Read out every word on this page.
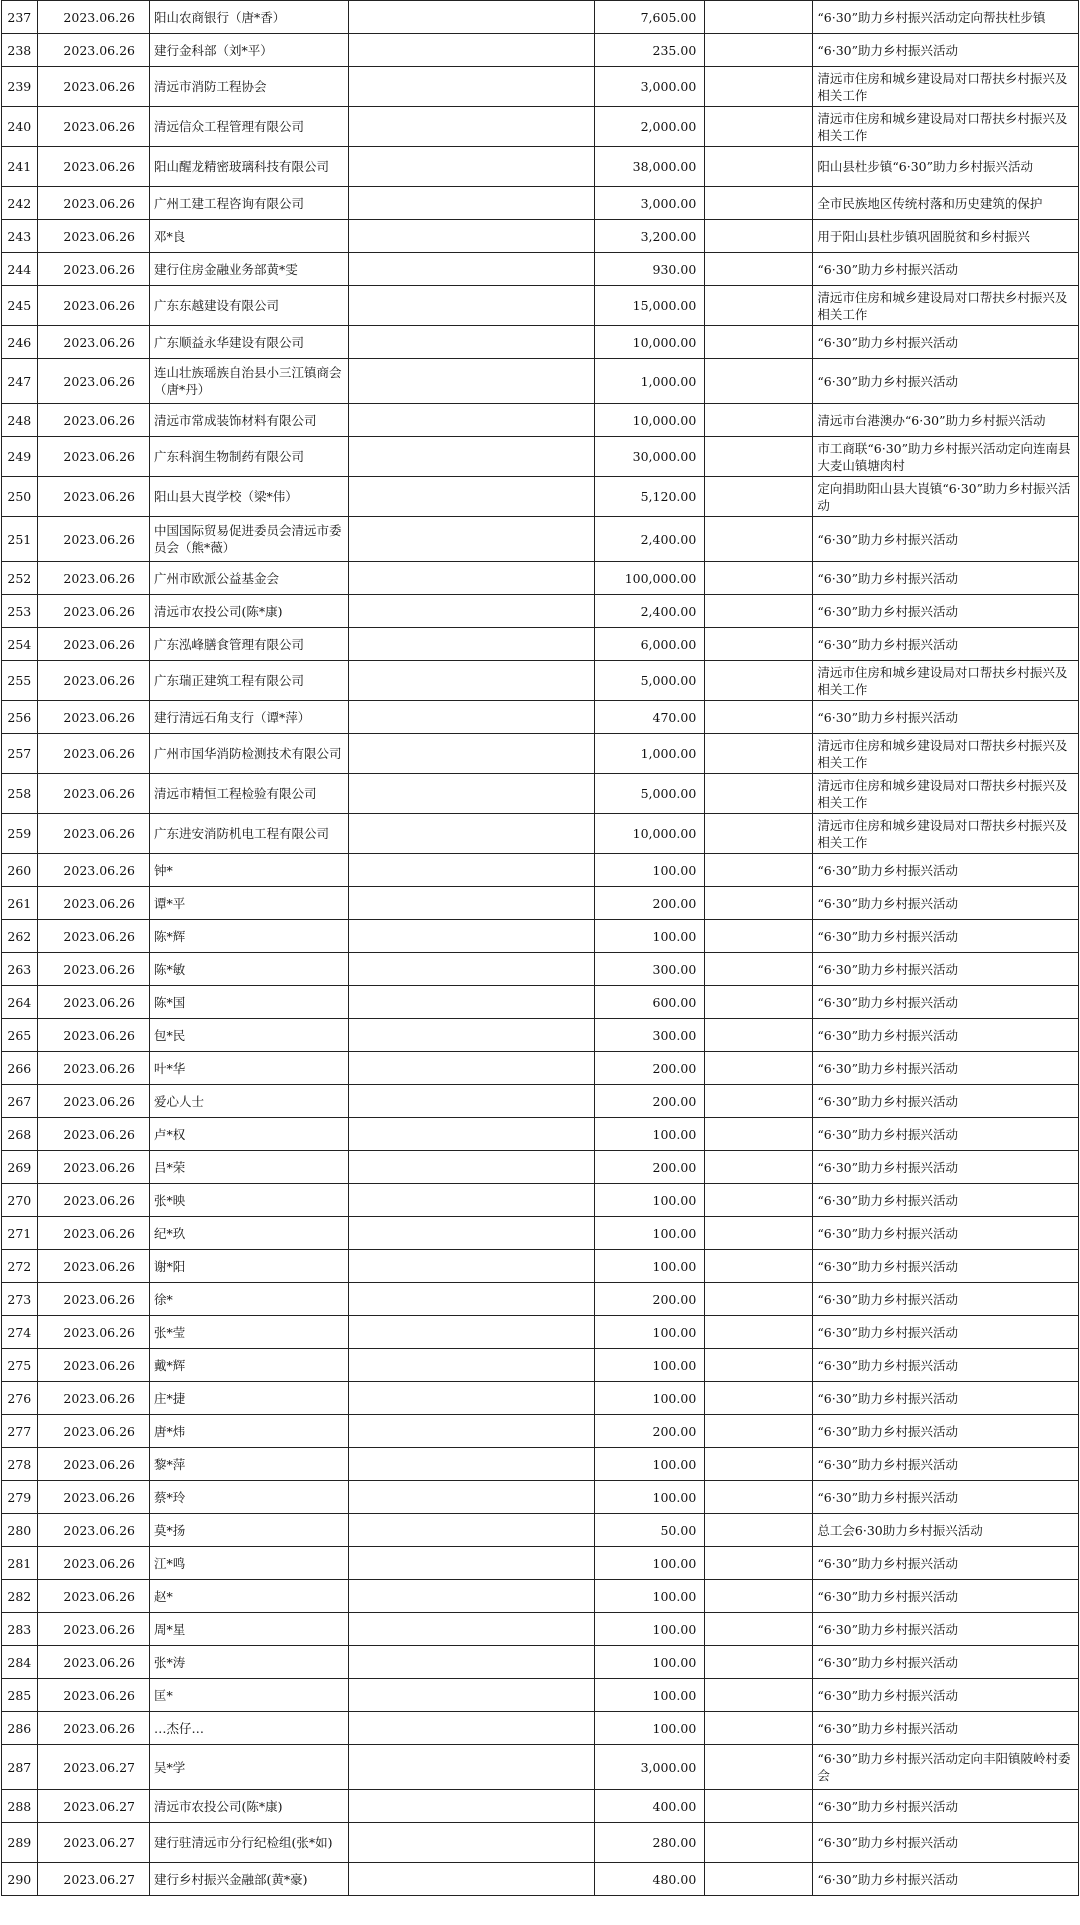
237	2023.06.26	阳山农商银行（唐*香）		7,605.00		“6·30”助力乡村振兴活动定向帮扶杜步镇
238	2023.06.26	建行金科部（刘*平）		235.00		“6·30”助力乡村振兴活动
239	2023.06.26	清远市消防工程协会		3,000.00		清远市住房和城乡建设局对口帮扶乡村振兴及相关工作
240	2023.06.26	清远信众工程管理有限公司		2,000.00		清远市住房和城乡建设局对口帮扶乡村振兴及相关工作
241	2023.06.26	阳山醒龙精密玻璃科技有限公司		38,000.00		阳山县杜步镇“6·30”助力乡村振兴活动
242	2023.06.26	广州工建工程咨询有限公司		3,000.00		全市民族地区传统村落和历史建筑的保护
243	2023.06.26	邓*良		3,200.00		用于阳山县杜步镇巩固脱贫和乡村振兴
244	2023.06.26	建行住房金融业务部黄*雯		930.00		“6·30”助力乡村振兴活动
245	2023.06.26	广东东越建设有限公司		15,000.00		清远市住房和城乡建设局对口帮扶乡村振兴及相关工作
246	2023.06.26	广东顺益永华建设有限公司		10,000.00		“6·30”助力乡村振兴活动
247	2023.06.26	连山壮族瑶族自治县小三江镇商会（唐*丹）		1,000.00		“6·30”助力乡村振兴活动
248	2023.06.26	清远市常成装饰材料有限公司		10,000.00		清远市台港澳办“6·30”助力乡村振兴活动
249	2023.06.26	广东科润生物制药有限公司		30,000.00		市工商联“6·30”助力乡村振兴活动定向连南县大麦山镇塘肉村
250	2023.06.26	阳山县大崀学校（梁*伟）		5,120.00		定向捐助阳山县大崀镇“6·30”助力乡村振兴活动
251	2023.06.26	中国国际贸易促进委员会清远市委员会（熊*薇）		2,400.00		“6·30”助力乡村振兴活动
252	2023.06.26	广州市欧派公益基金会		100,000.00		“6·30”助力乡村振兴活动
253	2023.06.26	清远市农投公司(陈*康)		2,400.00		“6·30”助力乡村振兴活动
254	2023.06.26	广东泓峰膳食管理有限公司		6,000.00		“6·30”助力乡村振兴活动
255	2023.06.26	广东瑞正建筑工程有限公司		5,000.00		清远市住房和城乡建设局对口帮扶乡村振兴及相关工作
256	2023.06.26	建行清远石角支行（谭*萍）		470.00		“6·30”助力乡村振兴活动
257	2023.06.26	广州市国华消防检测技术有限公司		1,000.00		清远市住房和城乡建设局对口帮扶乡村振兴及相关工作
258	2023.06.26	清远市精恒工程检验有限公司		5,000.00		清远市住房和城乡建设局对口帮扶乡村振兴及相关工作
259	2023.06.26	广东进安消防机电工程有限公司		10,000.00		清远市住房和城乡建设局对口帮扶乡村振兴及相关工作
260	2023.06.26	钟*		100.00		“6·30”助力乡村振兴活动
261	2023.06.26	谭*平		200.00		“6·30”助力乡村振兴活动
262	2023.06.26	陈*辉		100.00		“6·30”助力乡村振兴活动
263	2023.06.26	陈*敏		300.00		“6·30”助力乡村振兴活动
264	2023.06.26	陈*国		600.00		“6·30”助力乡村振兴活动
265	2023.06.26	包*民		300.00		“6·30”助力乡村振兴活动
266	2023.06.26	叶*华		200.00		“6·30”助力乡村振兴活动
267	2023.06.26	爱心人士		200.00		“6·30”助力乡村振兴活动
268	2023.06.26	卢*权		100.00		“6·30”助力乡村振兴活动
269	2023.06.26	吕*荣		200.00		“6·30”助力乡村振兴活动
270	2023.06.26	张*映		100.00		“6·30”助力乡村振兴活动
271	2023.06.26	纪*玖		100.00		“6·30”助力乡村振兴活动
272	2023.06.26	谢*阳		100.00		“6·30”助力乡村振兴活动
273	2023.06.26	徐*		200.00		“6·30”助力乡村振兴活动
274	2023.06.26	张*莹		100.00		“6·30”助力乡村振兴活动
275	2023.06.26	戴*辉		100.00		“6·30”助力乡村振兴活动
276	2023.06.26	庄*捷		100.00		“6·30”助力乡村振兴活动
277	2023.06.26	唐*炜		200.00		“6·30”助力乡村振兴活动
278	2023.06.26	黎*萍		100.00		“6·30”助力乡村振兴活动
279	2023.06.26	蔡*玲		100.00		“6·30”助力乡村振兴活动
280	2023.06.26	莫*扬		50.00		总工会6·30助力乡村振兴活动
281	2023.06.26	江*鸣		100.00		“6·30”助力乡村振兴活动
282	2023.06.26	赵*		100.00		“6·30”助力乡村振兴活动
283	2023.06.26	周*星		100.00		“6·30”助力乡村振兴活动
284	2023.06.26	张*涛		100.00		“6·30”助力乡村振兴活动
285	2023.06.26	匡*		100.00		“6·30”助力乡村振兴活动
286	2023.06.26	…杰仔…		100.00		“6·30”助力乡村振兴活动
287	2023.06.27	吴*学		3,000.00		“6·30”助力乡村振兴活动定向丰阳镇陂岭村委会
288	2023.06.27	清远市农投公司(陈*康)		400.00		“6·30”助力乡村振兴活动
289	2023.06.27	建行驻清远市分行纪检组(张*如)		280.00		“6·30”助力乡村振兴活动
290	2023.06.27	建行乡村振兴金融部(黄*豪)		480.00		“6·30”助力乡村振兴活动
